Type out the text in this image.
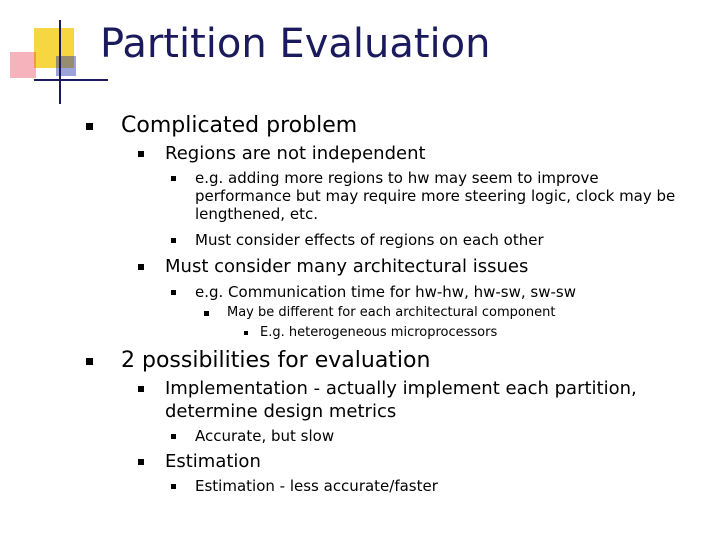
Partition Evaluation
Complicated problem
Regions are not independent
e.g. adding more regions to hw may seem to improve
performance but may require more steering logic, clock may be
lengthened, etc.
Must consider effects of regions on each other
Must consider many architectural issues
e.g. Communication time for hw-hw, hw-sw, sw-sw
May be different for each architectural component
E.g. heterogeneous microprocessors
2 possibilities for evaluation
Implementation - actually implement each partition,
determine design metrics
Accurate, but slow
Estimation
Estimation - less accurate/faster
